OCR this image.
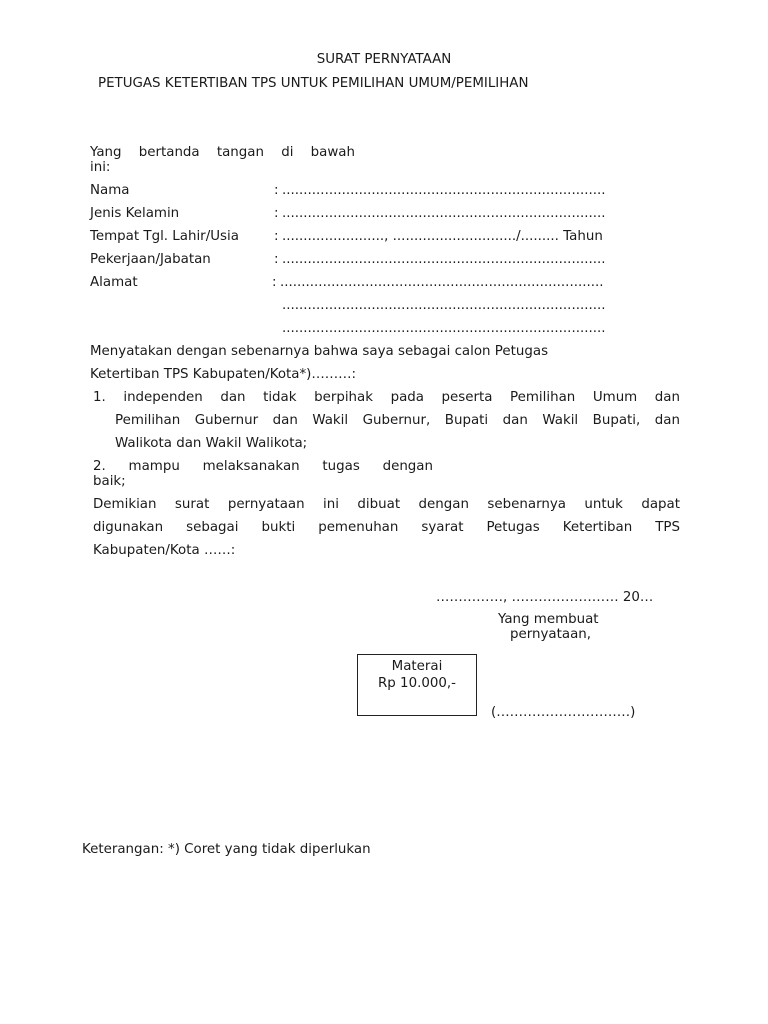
SURAT PERNYATAAN
PETUGAS KETERTIBAN TPS UNTUK PEMILIHAN UMUM/PEMILIHAN
Yang bertanda tangan di bawah
ini:
Nama	: ............................................................................
Jenis Kelamin	: ............................................................................
Tempat Tgl. Lahir/Usia	: ........................, ............................./......... Tahun
Pekerjaan/Jabatan	: ............................................................................
Alamat	: ............................................................................
............................................................................
............................................................................
Menyatakan dengan sebenarnya bahwa saya sebagai calon Petugas
Ketertiban TPS Kabupaten/Kota*)………:
1. independen dan tidak berpihak pada peserta Pemilihan Umum dan
Pemilihan Gubernur dan Wakil Gubernur, Bupati dan Wakil Bupati, dan
Walikota dan Wakil Walikota;
2. mampu melaksanakan tugas dengan
baik;
Demikian surat pernyataan ini dibuat dengan sebenarnya untuk dapat
digunakan sebagai bukti pemenuhan syarat Petugas Ketertiban TPS
Kabupaten/Kota ……:
……………, …………………… 20…
Yang membuat
pernyataan,
Materai
Rp 10.000,-
(…………………………)
Keterangan: *) Coret yang tidak diperlukan
